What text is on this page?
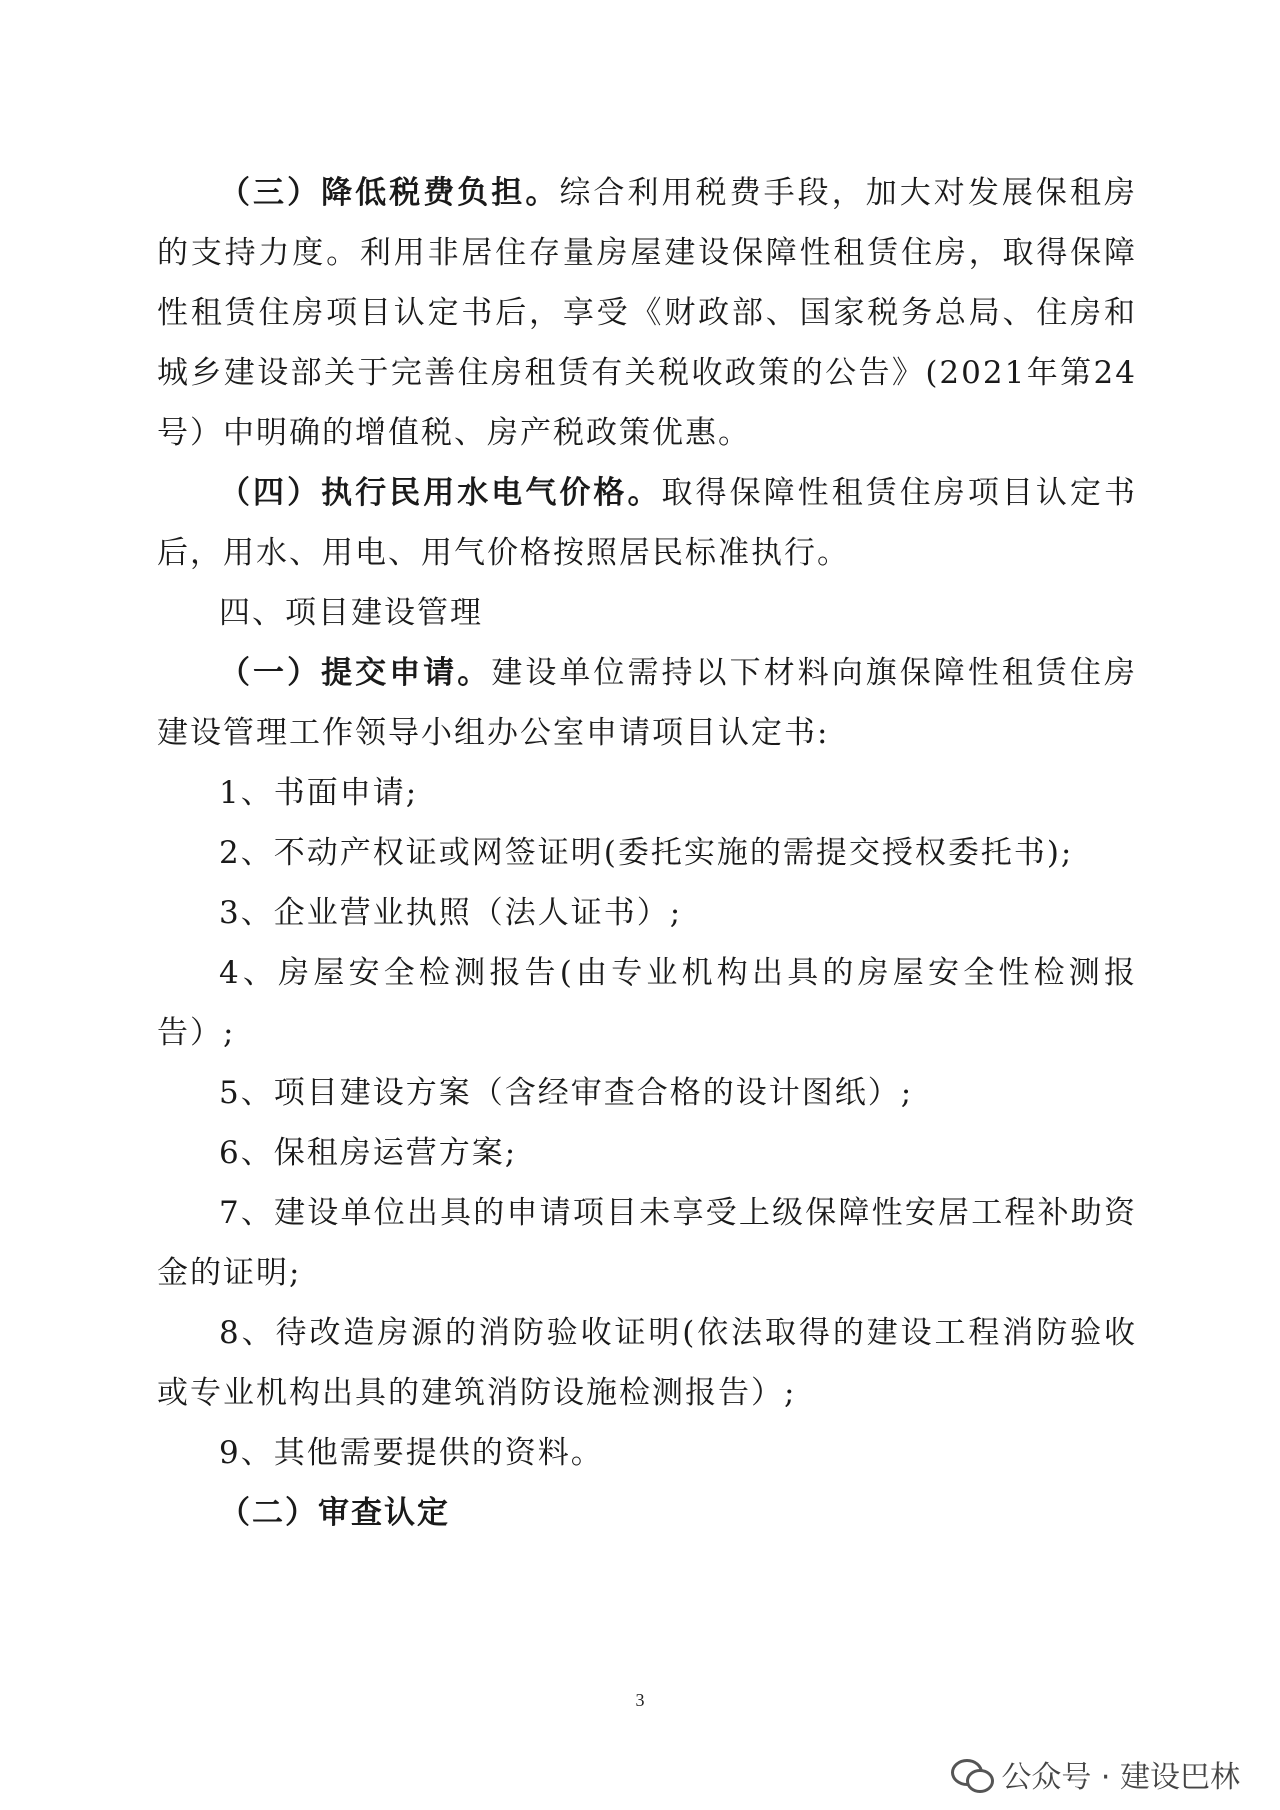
（三）降低税费负担。综合利用税费手段，加大对发展保租房的支持力度。利用非居住存量房屋建设保障性租赁住房，取得保障性租赁住房项目认定书后，享受《财政部、国家税务总局、住房和城乡建设部关于完善住房租赁有关税收政策的公告》(2021年第24号）中明确的增值税、房产税政策优惠。

（四）执行民用水电气价格。取得保障性租赁住房项目认定书后，用水、用电、用气价格按照居民标准执行。

四、项目建设管理

（一）提交申请。建设单位需持以下材料向旗保障性租赁住房建设管理工作领导小组办公室申请项目认定书:

1、书面申请;

2、不动产权证或网签证明(委托实施的需提交授权委托书);

3、企业营业执照（法人证书）;

4、房屋安全检测报告(由专业机构出具的房屋安全性检测报告）;

5、项目建设方案（含经审查合格的设计图纸）;

6、保租房运营方案;

7、建设单位出具的申请项目未享受上级保障性安居工程补助资金的证明;

8、待改造房源的消防验收证明(依法取得的建设工程消防验收或专业机构出具的建筑消防设施检测报告）;

9、其他需要提供的资料。

（二）审查认定

3
公众号 · 建设巴林
